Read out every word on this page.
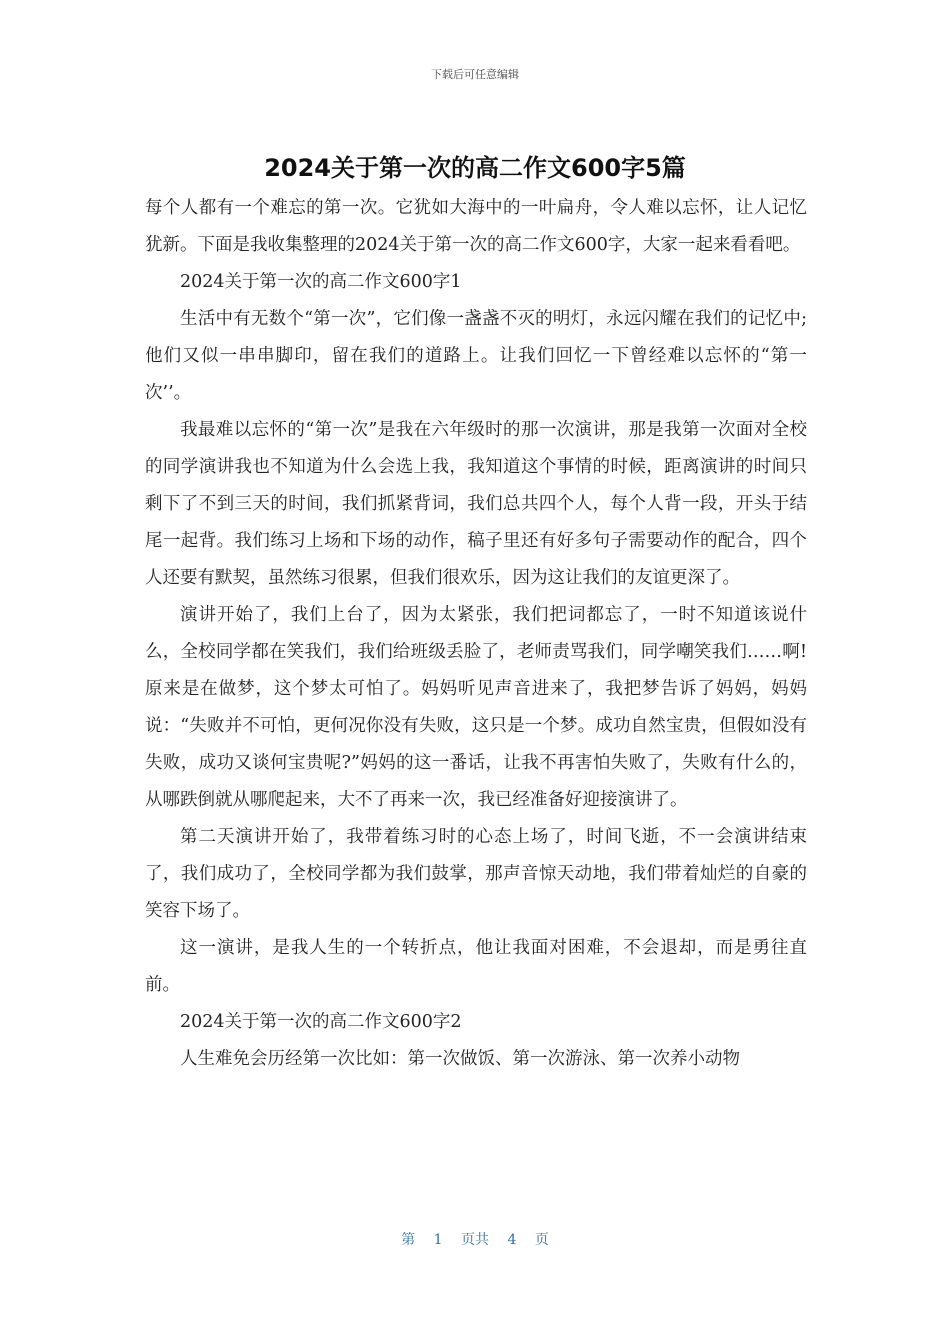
下载后可任意编辑
2024关于第一次的高二作文600字5篇

每个人都有一个难忘的第一次。它犹如大海中的一叶扁舟，令人难以忘怀，让人记忆犹新。下面是我收集整理的2024关于第一次的高二作文600字，大家一起来看看吧。

2024关于第一次的高二作文600字1

生活中有无数个“第一次”，它们像一盏盏不灭的明灯，永远闪耀在我们的记忆中;他们又似一串串脚印，留在我们的道路上。让我们回忆一下曾经难以忘怀的“第一次’’。

我最难以忘怀的“第一次”是我在六年级时的那一次演讲，那是我第一次面对全校的同学演讲我也不知道为什么会选上我，我知道这个事情的时候，距离演讲的时间只剩下了不到三天的时间，我们抓紧背词，我们总共四个人，每个人背一段，开头于结尾一起背。我们练习上场和下场的动作，稿子里还有好多句子需要动作的配合，四个人还要有默契，虽然练习很累，但我们很欢乐，因为这让我们的友谊更深了。

演讲开始了，我们上台了，因为太紧张，我们把词都忘了，一时不知道该说什么，全校同学都在笑我们，我们给班级丢脸了，老师责骂我们，同学嘲笑我们……啊!原来是在做梦，这个梦太可怕了。妈妈听见声音进来了，我把梦告诉了妈妈，妈妈说：“失败并不可怕，更何况你没有失败，这只是一个梦。成功自然宝贵，但假如没有失败，成功又谈何宝贵呢?”妈妈的这一番话，让我不再害怕失败了，失败有什么的，从哪跌倒就从哪爬起来，大不了再来一次，我已经准备好迎接演讲了。

第二天演讲开始了，我带着练习时的心态上场了，时间飞逝，不一会演讲结束了，我们成功了，全校同学都为我们鼓掌，那声音惊天动地，我们带着灿烂的自豪的笑容下场了。

这一演讲，是我人生的一个转折点，他让我面对困难，不会退却，而是勇往直前。

2024关于第一次的高二作文600字2

人生难免会历经第一次比如：第一次做饭、第一次游泳、第一次养小动物

第 1 页共 4 页
